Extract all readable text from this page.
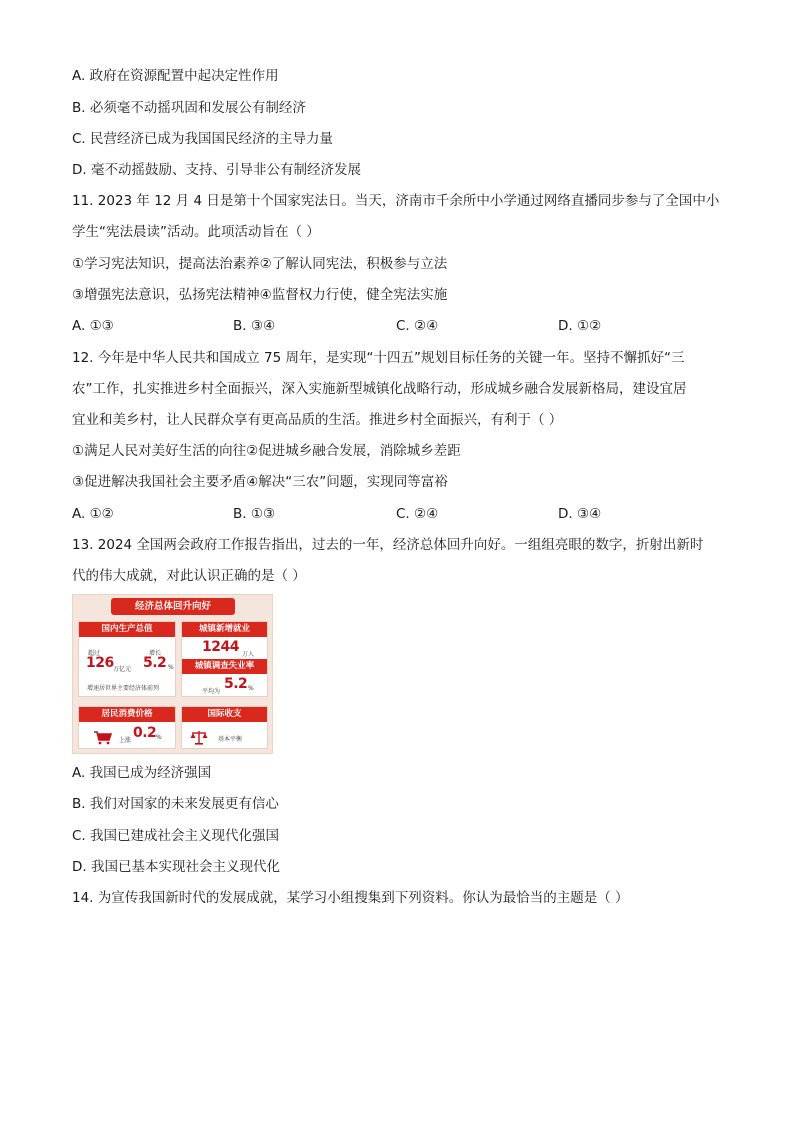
A. 政府在资源配置中起决定性作用
B. 必须毫不动摇巩固和发展公有制经济
C. 民营经济已成为我国国民经济的主导力量
D. 毫不动摇鼓励、支持、引导非公有制经济发展
11. 2023 年 12 月 4 日是第十个国家宪法日。当天，济南市千余所中小学通过网络直播同步参与了全国中小
学生“宪法晨读”活动。此项活动旨在（ ）
①学习宪法知识，提高法治素养②了解认同宪法，积极参与立法
③增强宪法意识，弘扬宪法精神④监督权力行使，健全宪法实施
A. ①③	B. ③④	C. ②④	D. ①②
12. 今年是中华人民共和国成立 75 周年，是实现“十四五”规划目标任务的关键一年。坚持不懈抓好“三
农”工作，扎实推进乡村全面振兴，深入实施新型城镇化战略行动，形成城乡融合发展新格局，建设宜居
宜业和美乡村，让人民群众享有更高品质的生活。推进乡村全面振兴，有利于（ ）
①满足人民对美好生活的向往②促进城乡融合发展，消除城乡差距
③促进解决我国社会主要矛盾④解决“三农”问题，实现同等富裕
A. ①②	B. ①③	C. ②④	D. ③④
13. 2024 全国两会政府工作报告指出，过去的一年，经济总体回升向好。一组组亮眼的数字，折射出新时
代的伟大成就，对此认识正确的是（ ）
经济总体回升向好
国内生产总值
超过
126 万亿元
增长
5.2 %
增速居世界主要经济体前列
城镇新增就业
1244 万人
城镇调查失业率
平均为 5.2 %
居民消费价格
上涨 0.2 %
国际收支
基本平衡
A. 我国已成为经济强国
B. 我们对国家的未来发展更有信心
C. 我国已建成社会主义现代化强国
D. 我国已基本实现社会主义现代化
14. 为宣传我国新时代的发展成就，某学习小组搜集到下列资料。你认为最恰当的主题是（ ）
